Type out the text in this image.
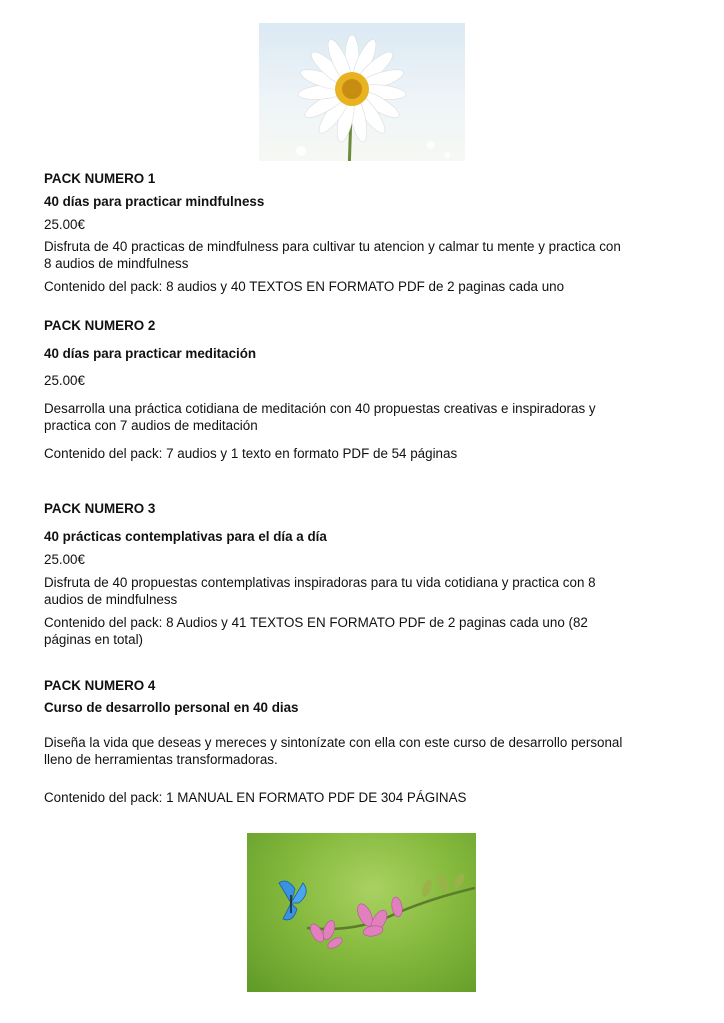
PACK NUMERO 1

40 días para practicar mindfulness

25.00€

Disfruta de 40 practicas de mindfulness para cultivar tu atencion y calmar tu mente y practica con

8 audios de mindfulness

Contenido del pack: 8 audios y 40 TEXTOS EN FORMATO PDF de 2 paginas cada uno

PACK NUMERO 2

40 días para practicar meditación

25.00€

Desarrolla una práctica cotidiana de meditación con 40 propuestas creativas e inspiradoras y

practica con 7 audios de meditación

Contenido del pack: 7 audios y 1 texto en formato PDF de 54 páginas

PACK NUMERO 3

40 prácticas contemplativas para el día a día

25.00€

Disfruta de 40 propuestas contemplativas inspiradoras para tu vida cotidiana y practica con 8

audios de mindfulness

Contenido del pack: 8 Audios y 41 TEXTOS EN FORMATO PDF de 2 paginas cada uno (82

páginas en total)

PACK NUMERO 4

Curso de desarrollo personal en 40 dias

Diseña la vida que deseas y mereces y sintonízate con ella con este curso de desarrollo personal

lleno de herramientas transformadoras.

Contenido del pack: 1 MANUAL EN FORMATO PDF DE 304 PÁGINAS
